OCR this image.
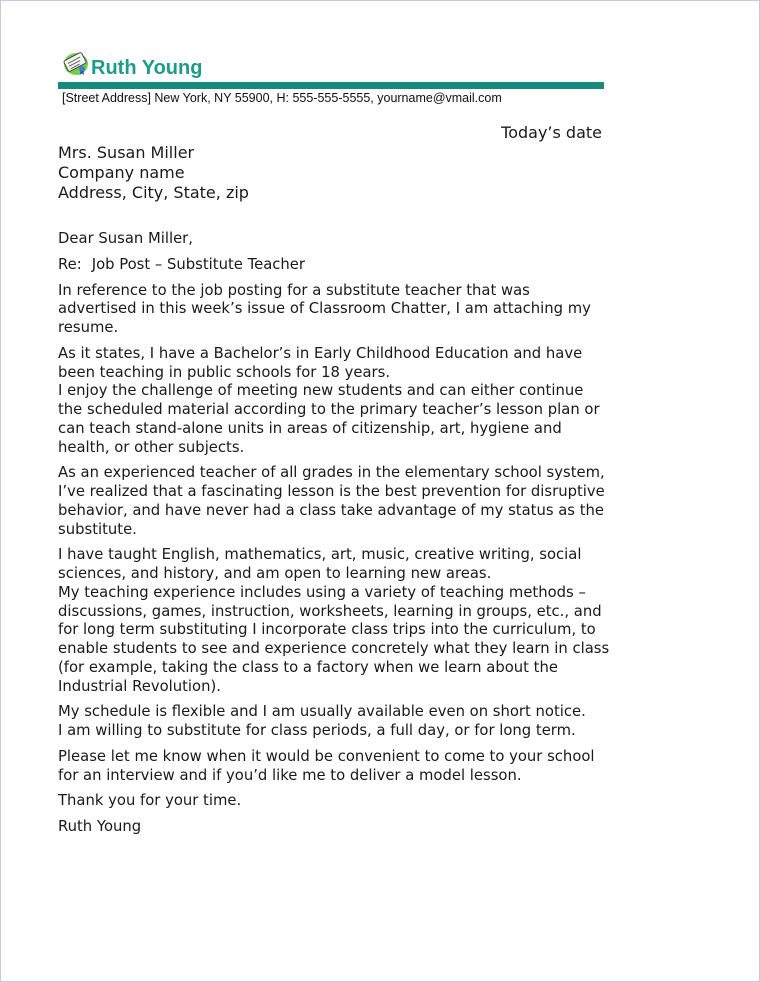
Ruth Young
[Street Address] New York, NY 55900, H: 555-555-5555, yourname@vmail.com
Today’s date
Mrs. Susan Miller
Company name
Address, City, State, zip

Dear Susan Miller,

Re: Job Post – Substitute Teacher

In reference to the job posting for a substitute teacher that was advertised in this week’s issue of Classroom Chatter, I am attaching my resume.

As it states, I have a Bachelor’s in Early Childhood Education and have been teaching in public schools for 18 years.
I enjoy the challenge of meeting new students and can either continue the scheduled material according to the primary teacher’s lesson plan or can teach stand-alone units in areas of citizenship, art, hygiene and health, or other subjects.

As an experienced teacher of all grades in the elementary school system, I’ve realized that a fascinating lesson is the best prevention for disruptive behavior, and have never had a class take advantage of my status as the substitute.

I have taught English, mathematics, art, music, creative writing, social sciences, and history, and am open to learning new areas.
My teaching experience includes using a variety of teaching methods – discussions, games, instruction, worksheets, learning in groups, etc., and for long term substituting I incorporate class trips into the curriculum, to enable students to see and experience concretely what they learn in class (for example, taking the class to a factory when we learn about the Industrial Revolution).

My schedule is flexible and I am usually available even on short notice.
I am willing to substitute for class periods, a full day, or for long term.

Please let me know when it would be convenient to come to your school for an interview and if you’d like me to deliver a model lesson.

Thank you for your time.

Ruth Young
